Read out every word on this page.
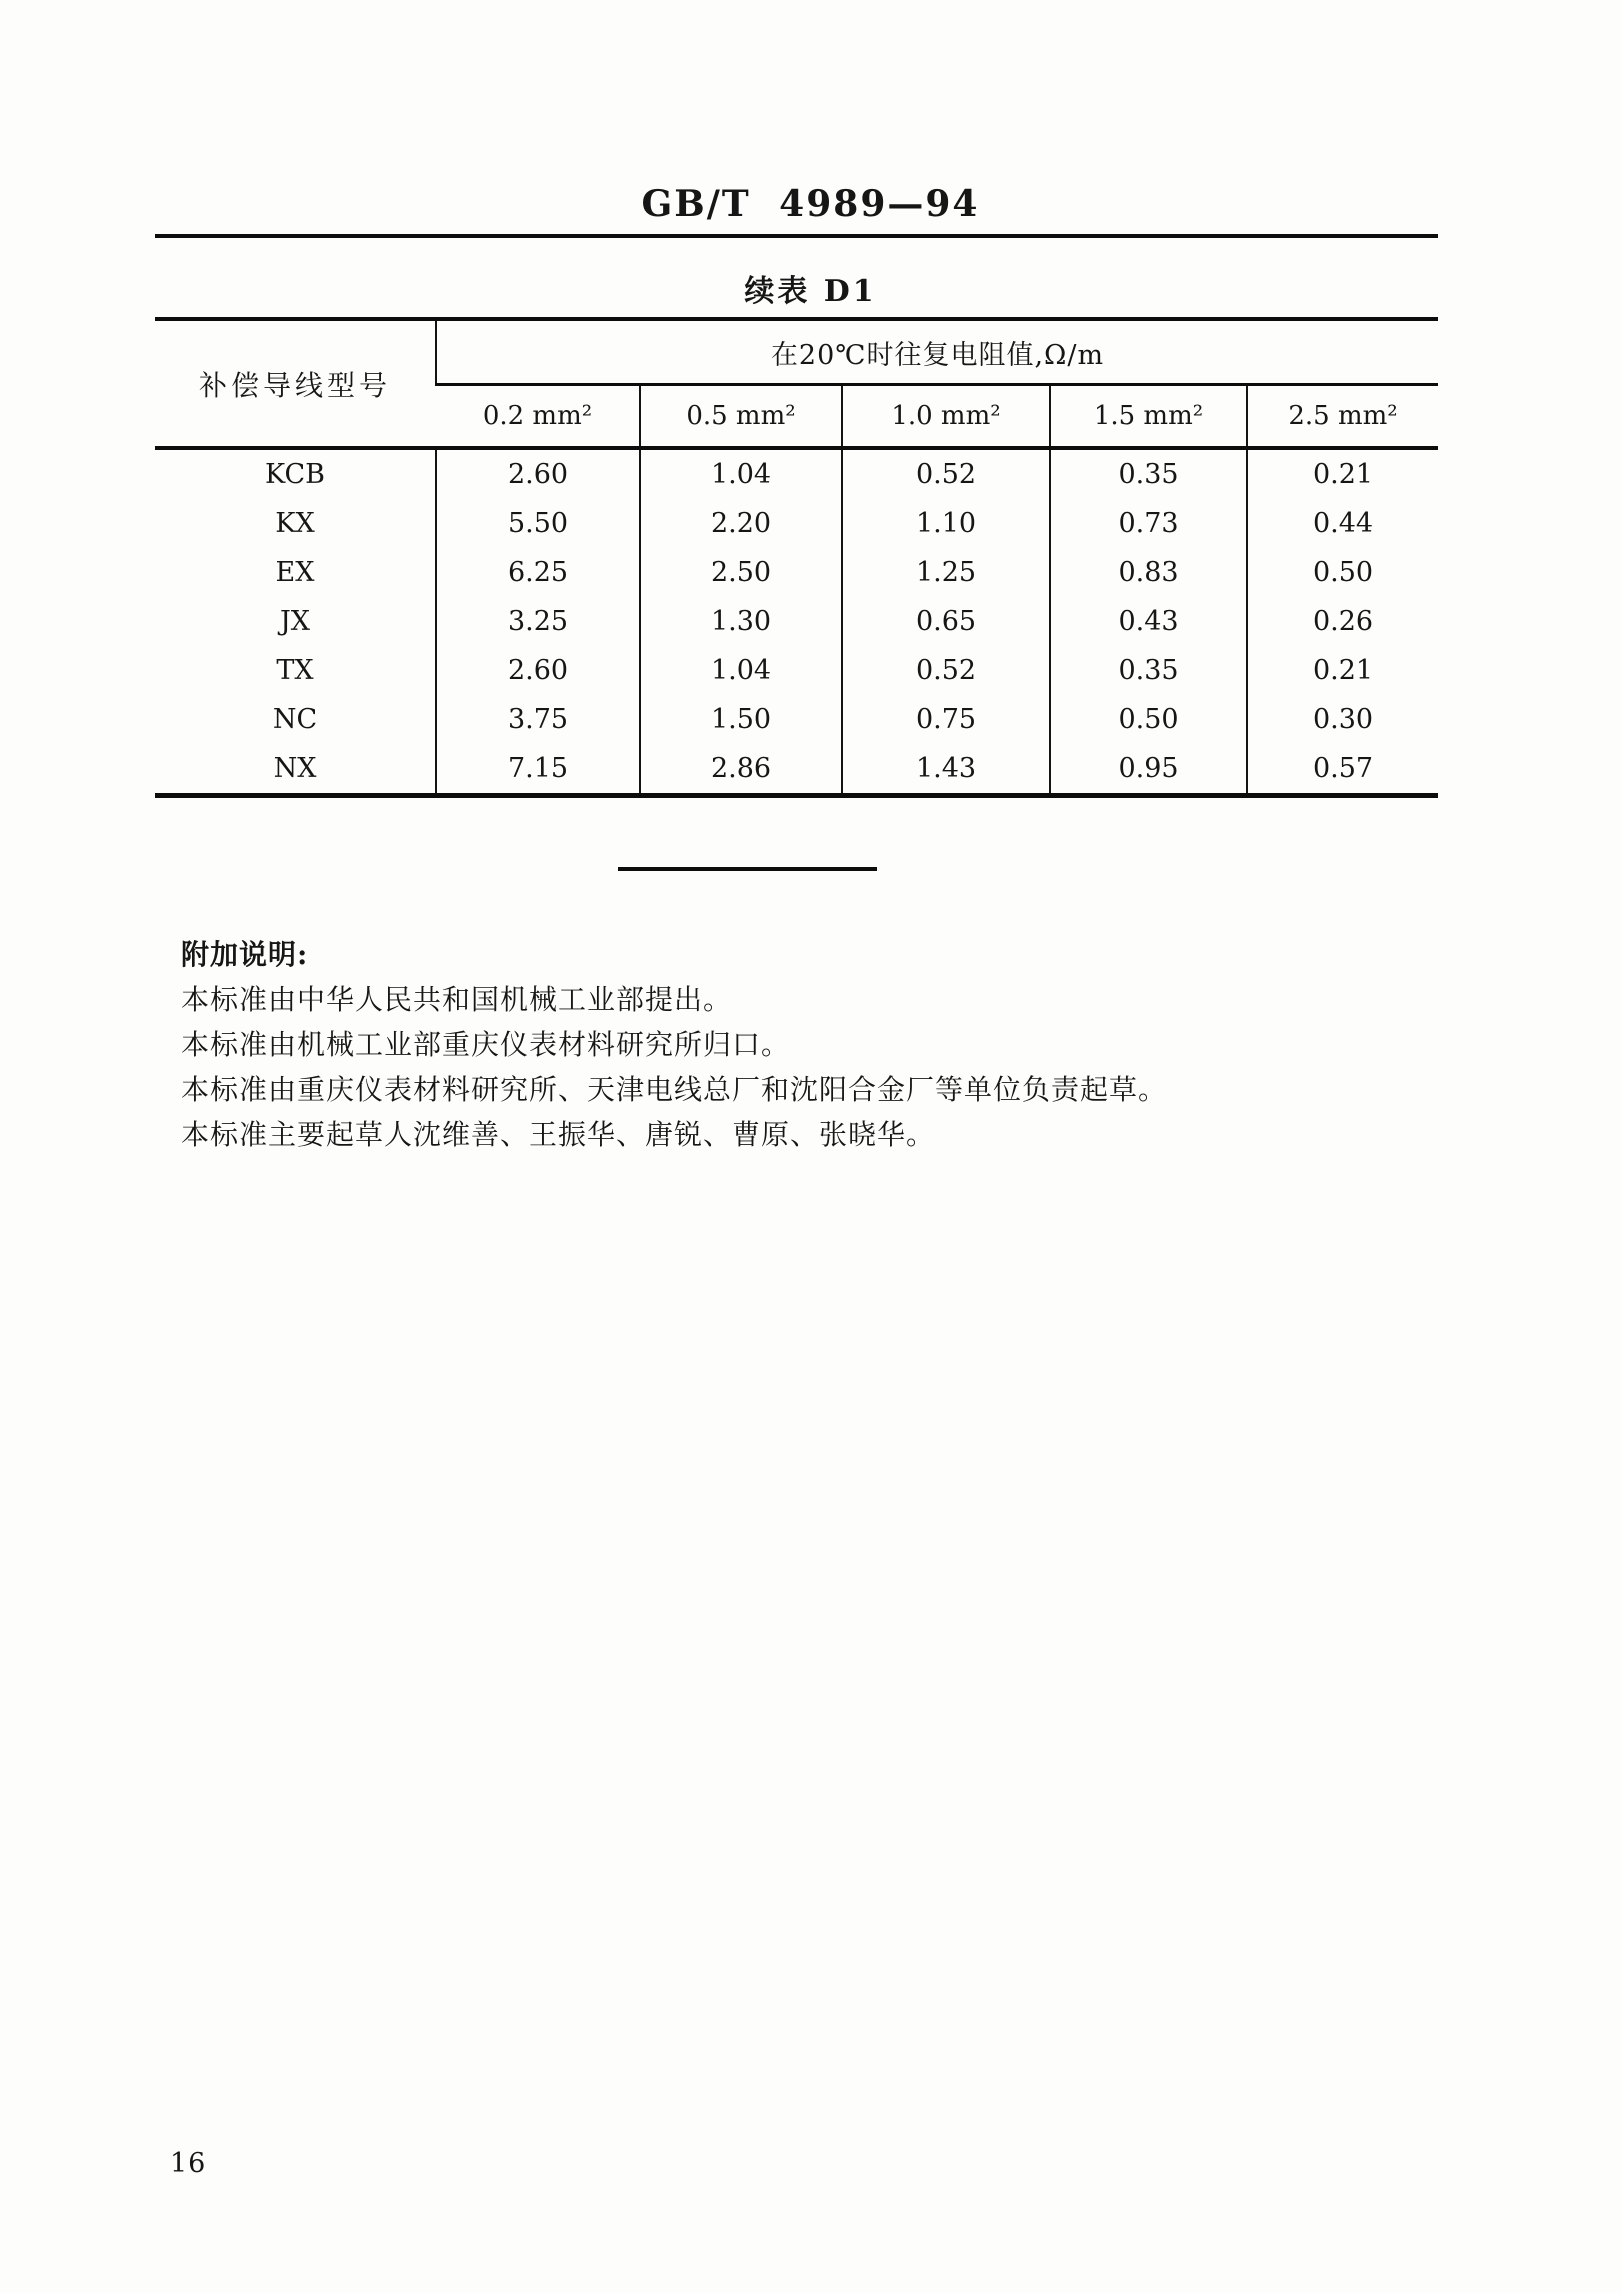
GB/T 4989—94
续表 D1
补偿导线型号	在20℃时往复电阻值,Ω/m				
	0.2 mm²	0.5 mm²	1.0 mm²	1.5 mm²	2.5 mm²
KCB	2.60	1.04	0.52	0.35	0.21
KX	5.50	2.20	1.10	0.73	0.44
EX	6.25	2.50	1.25	0.83	0.50
JX	3.25	1.30	0.65	0.43	0.26
TX	2.60	1.04	0.52	0.35	0.21
NC	3.75	1.50	0.75	0.50	0.30
NX	7.15	2.86	1.43	0.95	0.57
附加说明:
本标准由中华人民共和国机械工业部提出。
本标准由机械工业部重庆仪表材料研究所归口。
本标准由重庆仪表材料研究所、天津电线总厂和沈阳合金厂等单位负责起草。
本标准主要起草人沈维善、王振华、唐锐、曹原、张晓华。
16
